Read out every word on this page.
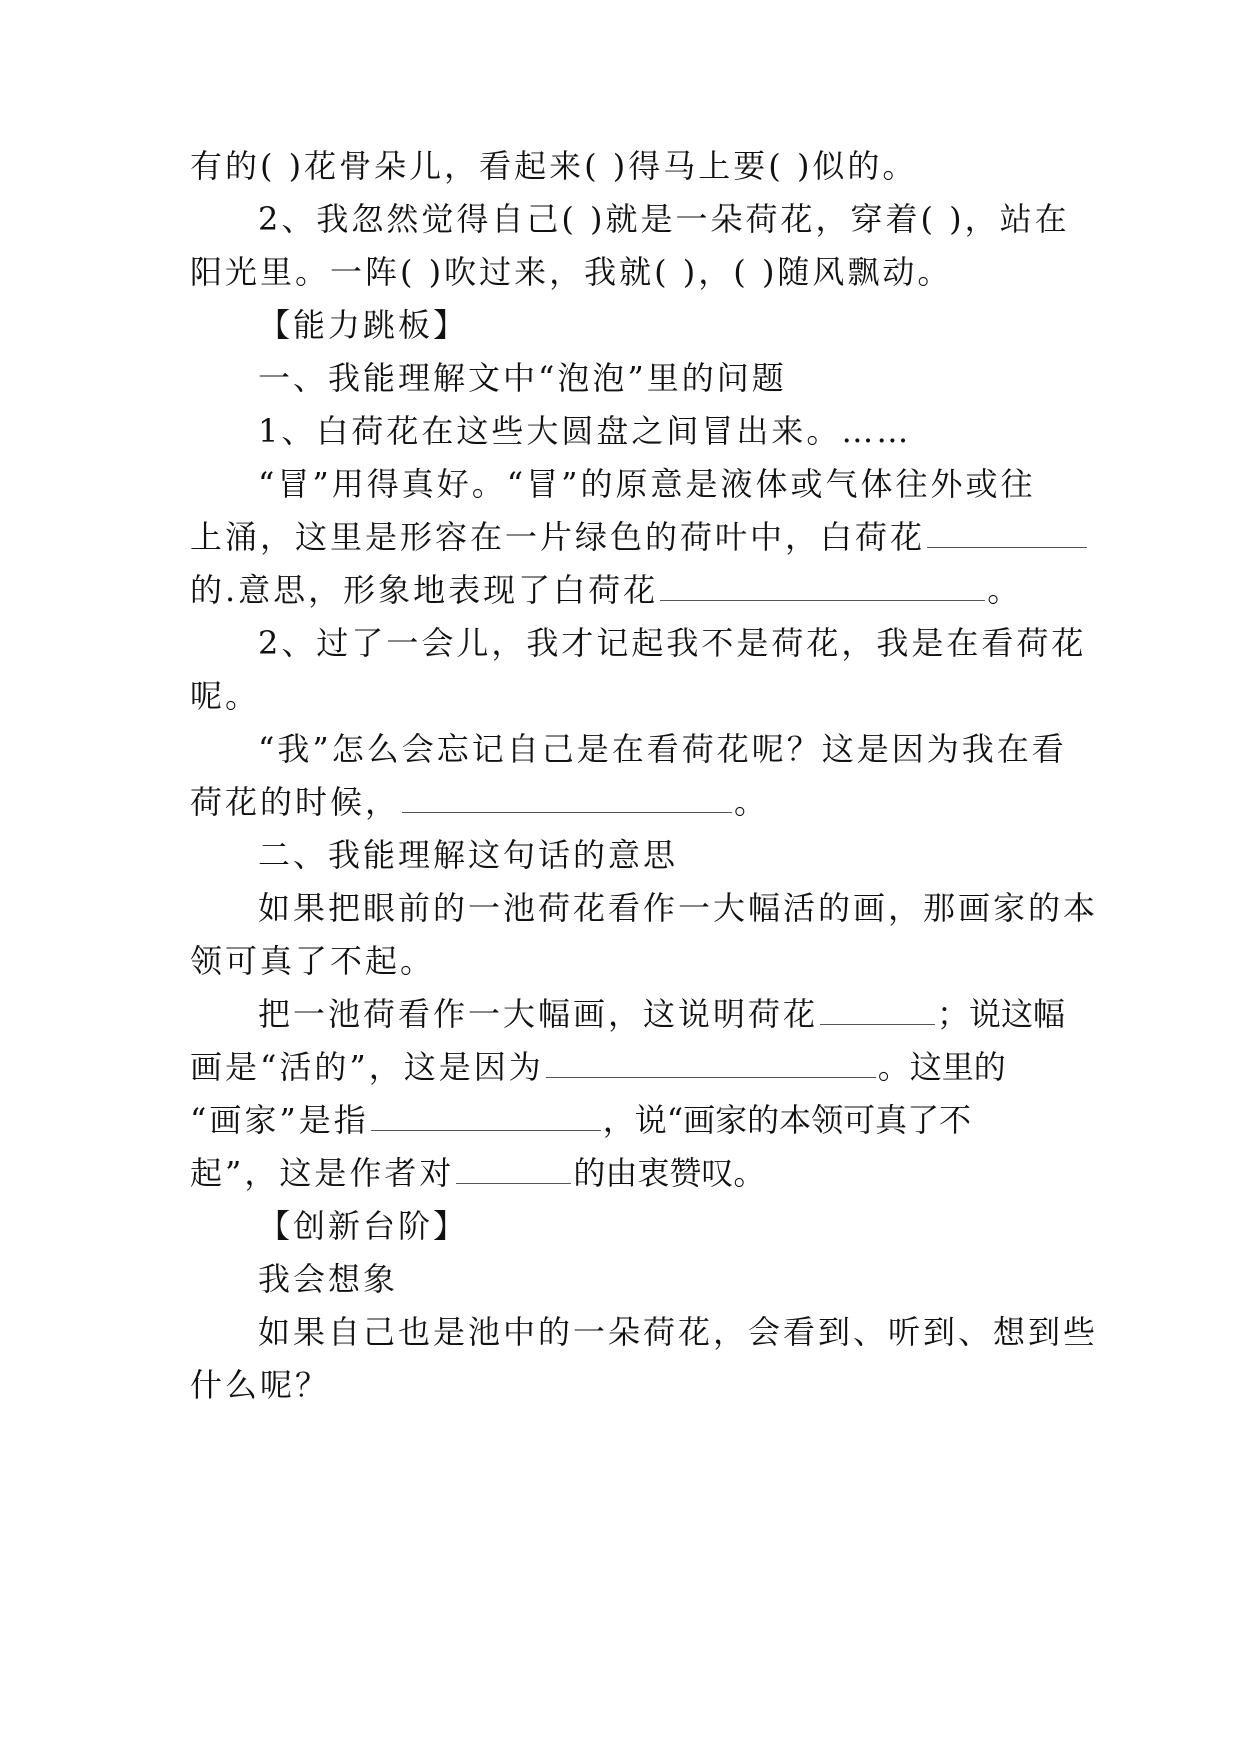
有的( )花骨朵儿，看起来( )得马上要( )似的。
2、我忽然觉得自己( )就是一朵荷花，穿着( )，站在
阳光里。一阵( )吹过来，我就( )，( )随风飘动。
【能力跳板】
一、我能理解文中“泡泡”里的问题
1、白荷花在这些大圆盘之间冒出来。……
“冒”用得真好。“冒”的原意是液体或气体往外或往
上涌，这里是形容在一片绿色的荷叶中，白荷花
的.意思，形象地表现了白荷花	。
2、过了一会儿，我才记起我不是荷花，我是在看荷花
呢。
“我”怎么会忘记自己是在看荷花呢？这是因为我在看
荷花的时候，	。
二、我能理解这句话的意思
如果把眼前的一池荷花看作一大幅活的画，那画家的本
领可真了不起。
把一池荷看作一大幅画，这说明荷花	；说这幅
画是“活的”，这是因为	。这里的
“画家”是指	，说“画家的本领可真了不
起”，这是作者对	的由衷赞叹。
【创新台阶】
我会想象
如果自己也是池中的一朵荷花，会看到、听到、想到些
什么呢？
